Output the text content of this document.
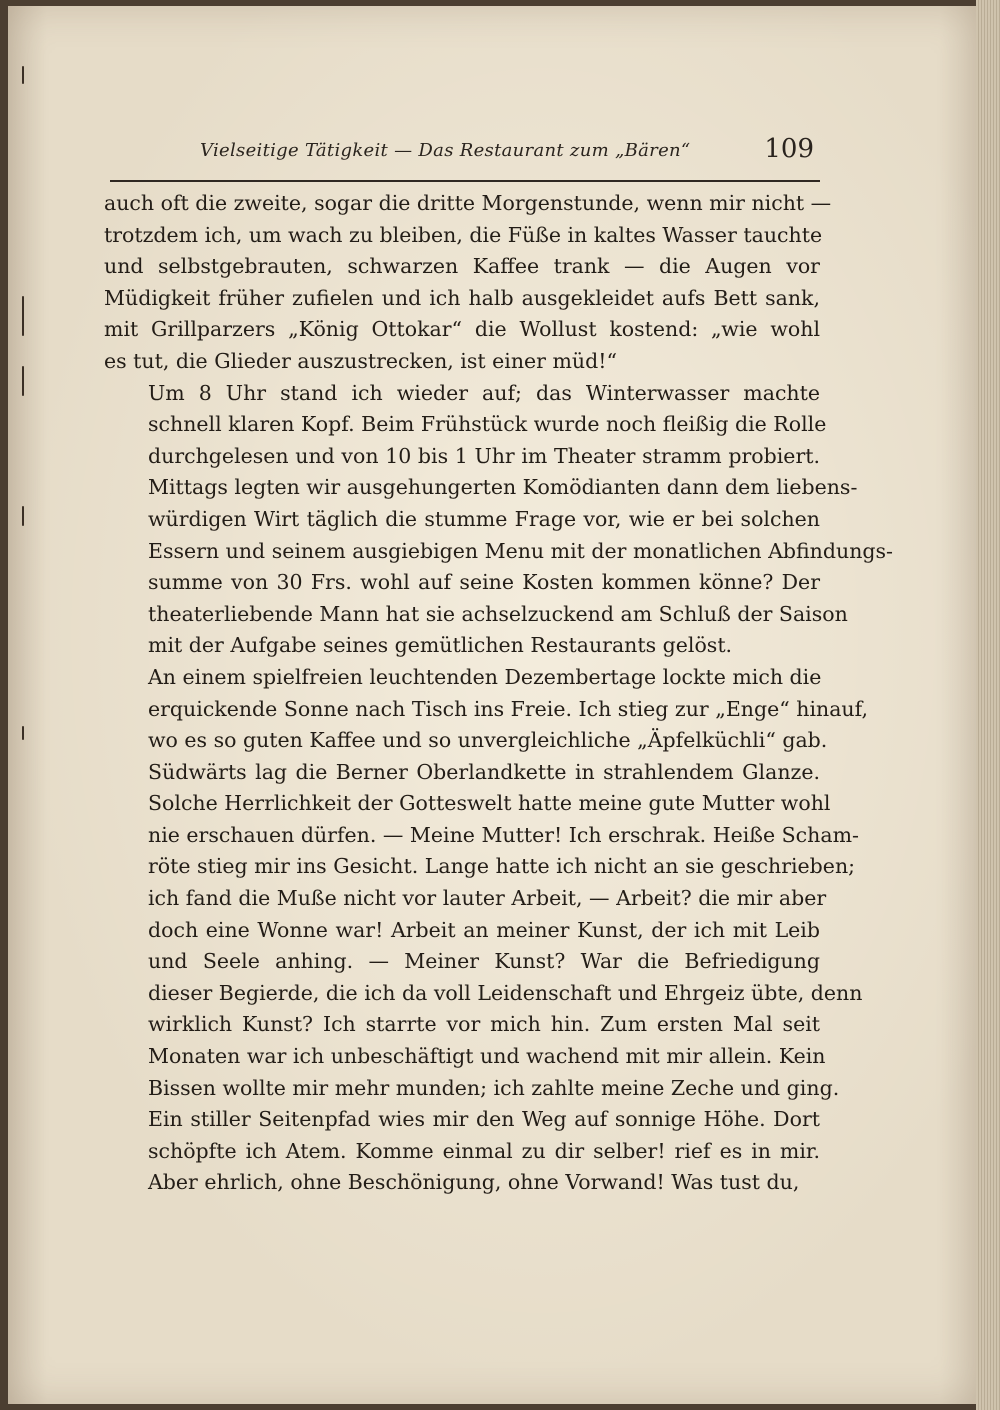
Vielseitige Tätigkeit — Das Restaurant zum „Bären“	109

auch oft die zweite, sogar die dritte Morgenstunde, wenn mir nicht —
trotzdem ich, um wach zu bleiben, die Füße in kaltes Wasser tauchte
und selbstgebrauten, schwarzen Kaffee trank — die Augen vor
Müdigkeit früher zufielen und ich halb ausgekleidet aufs Bett sank,
mit Grillparzers „König Ottokar“ die Wollust kostend: „wie wohl
es tut, die Glieder auszustrecken, ist einer müd!“

Um 8 Uhr stand ich wieder auf; das Winterwasser machte
schnell klaren Kopf. Beim Frühstück wurde noch fleißig die Rolle
durchgelesen und von 10 bis 1 Uhr im Theater stramm probiert.
Mittags legten wir ausgehungerten Komödianten dann dem liebens-
würdigen Wirt täglich die stumme Frage vor, wie er bei solchen
Essern und seinem ausgiebigen Menu mit der monatlichen Abfindungs-
summe von 30 Frs. wohl auf seine Kosten kommen könne? Der
theaterliebende Mann hat sie achselzuckend am Schluß der Saison
mit der Aufgabe seines gemütlichen Restaurants gelöst.

An einem spielfreien leuchtenden Dezembertage lockte mich die
erquickende Sonne nach Tisch ins Freie. Ich stieg zur „Enge“ hinauf,
wo es so guten Kaffee und so unvergleichliche „Äpfelküchli“ gab.
Südwärts lag die Berner Oberlandkette in strahlendem Glanze.
Solche Herrlichkeit der Gotteswelt hatte meine gute Mutter wohl
nie erschauen dürfen. — Meine Mutter! Ich erschrak. Heiße Scham-
röte stieg mir ins Gesicht. Lange hatte ich nicht an sie geschrieben;
ich fand die Muße nicht vor lauter Arbeit, — Arbeit? die mir aber
doch eine Wonne war! Arbeit an meiner Kunst, der ich mit Leib
und Seele anhing. — Meiner Kunst? War die Befriedigung
dieser Begierde, die ich da voll Leidenschaft und Ehrgeiz übte, denn
wirklich Kunst? Ich starrte vor mich hin. Zum ersten Mal seit
Monaten war ich unbeschäftigt und wachend mit mir allein. Kein
Bissen wollte mir mehr munden; ich zahlte meine Zeche und ging.
Ein stiller Seitenpfad wies mir den Weg auf sonnige Höhe. Dort
schöpfte ich Atem. Komme einmal zu dir selber! rief es in mir.
Aber ehrlich, ohne Beschönigung, ohne Vorwand! Was tust du,
